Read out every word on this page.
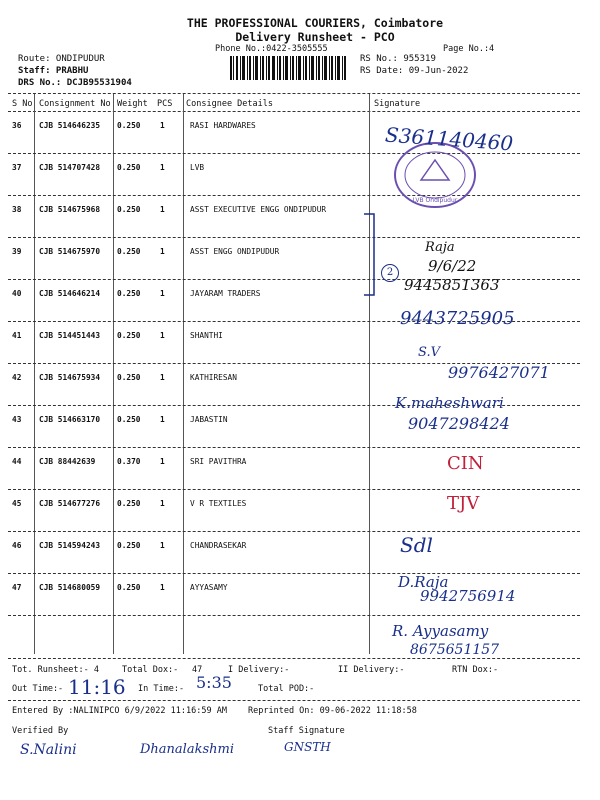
THE PROFESSIONAL COURIERS, Coimbatore
Delivery Runsheet - PCO
Phone No.:0422-3505555	Page No.:4
Route: ONDIPUDUR
Staff: PRABHU
DRS No.: DCJB95531904
RS No.: 955319
RS Date: 09-Jun-2022
S No Consignment No Weight PCS Consignee Details	Signature
36 CJB 514646235 0.250	1	RASI HARDWARES
37 CJB 514707428 0.250	1	LVB
38 CJB 514675968 0.250	1	ASST EXECUTIVE ENGG ONDIPUDUR
39 CJB 514675970 0.250	1	ASST ENGG ONDIPUDUR
40 CJB 514646214 0.250	1	JAYARAM TRADERS
41 CJB 514451443 0.250	1	SHANTHI
42 CJB 514675934 0.250	1	KATHIRESAN
43 CJB 514663170 0.250	1	JABASTIN
44 CJB 88442639	0.370	1	SRI PAVITHRA
45 CJB 514677276 0.250	1	V R TEXTILES
46 CJB 514594243 0.250	1	CHANDRASEKAR
47 CJB 514680059 0.250	1	AYYASAMY
LVB Ondipudur
S361140460
2
Raja
9/6/22
9445851363
9443725905
S.V
9976427071
K.maheshwari
9047298424
CIN
TJV
Sdl
D.Raja
9942756914
R. Ayyasamy
8675651157
Tot. Runsheet:- 4	Total Dox:- 47	I Delivery:-	II Delivery:-	RTN Dox:-
Out Time:- 11:16 In Time:- 5:35	Total POD:-
Entered By :NALINIPCO 6/9/2022 11:16:59 AM Reprinted On: 09-06-2022 11:18:58
Verified By	Staff Signature
S.Nalini	Dhanalakshmi	GNSTH
